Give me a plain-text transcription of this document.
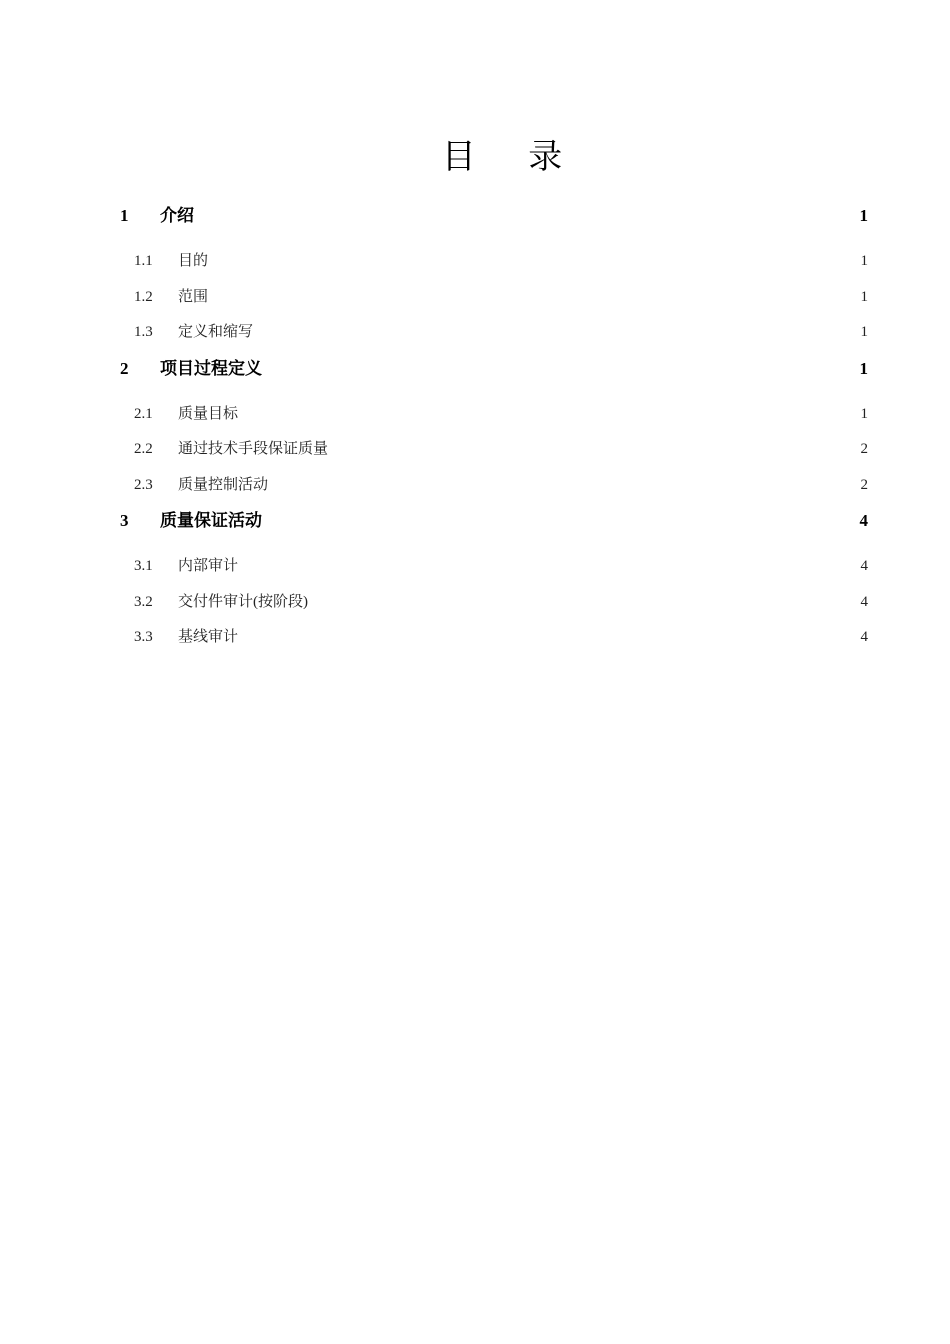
目 录
1	介绍 .....	1
1.1	目的 .....	1
1.2	范围 .....	1
1.3	定义和缩写 .....	1
2	项目过程定义 .....	1
2.1	质量目标 .....	1
2.2	通过技术手段保证质量 .....	2
2.3	质量控制活动 .....	2
3	质量保证活动 .....	4
3.1	内部审计 .....	4
3.2	交付件审计(按阶段) .....	4
3.3	基线审计 .....	4
